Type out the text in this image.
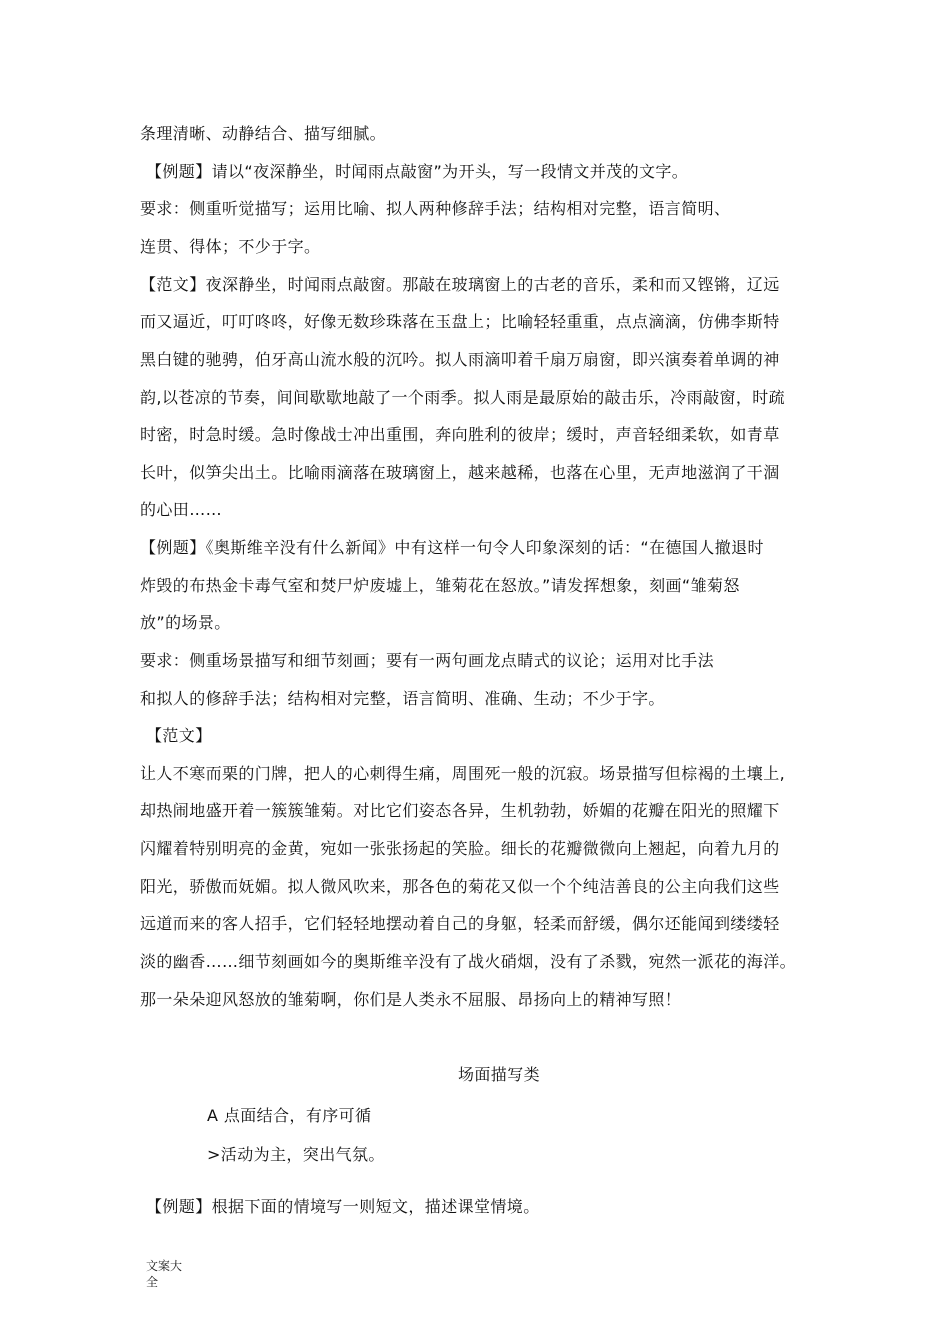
条理清晰、动静结合、描写细腻。
【例题】请以“夜深静坐，时闻雨点敲窗”为开头，写一段情文并茂的文字。
要求：侧重听觉描写；运用比喻、拟人两种修辞手法；结构相对完整，语言简明、
连贯、得体；不少于字。
【范文】夜深静坐，时闻雨点敲窗。那敲在玻璃窗上的古老的音乐，柔和而又铿锵，辽远
而又逼近，叮叮咚咚，好像无数珍珠落在玉盘上；比喻轻轻重重，点点滴滴，仿佛李斯特
黑白键的驰骋，伯牙高山流水般的沉吟。拟人雨滴叩着千扇万扇窗，即兴演奏着单调的神
韵,以苍凉的节奏，间间歇歇地敲了一个雨季。拟人雨是最原始的敲击乐，冷雨敲窗，时疏
时密，时急时缓。急时像战士冲出重围，奔向胜利的彼岸；缓时，声音轻细柔软，如青草
长叶，似笋尖出土。比喻雨滴落在玻璃窗上，越来越稀，也落在心里，无声地滋润了干涸
的心田……
【例题】《奥斯维辛没有什么新闻》中有这样一句令人印象深刻的话：“在德国人撤退时
炸毁的布热金卡毒气室和焚尸炉废墟上，雏菊花在怒放。”请发挥想象，刻画“雏菊怒
放”的场景。
要求：侧重场景描写和细节刻画；要有一两句画龙点睛式的议论；运用对比手法
和拟人的修辞手法；结构相对完整，语言简明、准确、生动；不少于字。
【范文】
让人不寒而栗的门牌，把人的心刺得生痛，周围死一般的沉寂。场景描写但棕褐的土壤上,
却热闹地盛开着一簇簇雏菊。对比它们姿态各异，生机勃勃，娇媚的花瓣在阳光的照耀下
闪耀着特别明亮的金黄，宛如一张张扬起的笑脸。细长的花瓣微微向上翘起，向着九月的
阳光，骄傲而妩媚。拟人微风吹来，那各色的菊花又似一个个纯洁善良的公主向我们这些
远道而来的客人招手，它们轻轻地摆动着自己的身躯，轻柔而舒缓，偶尔还能闻到缕缕轻
淡的幽香……细节刻画如今的奥斯维辛没有了战火硝烟，没有了杀戮，宛然一派花的海洋。
那一朵朵迎风怒放的雏菊啊，你们是人类永不屈服、昂扬向上的精神写照！
场面描写类
A 点面结合，有序可循
>活动为主，突出气氛。
【例题】根据下面的情境写一则短文，描述课堂情境。
文案大全
